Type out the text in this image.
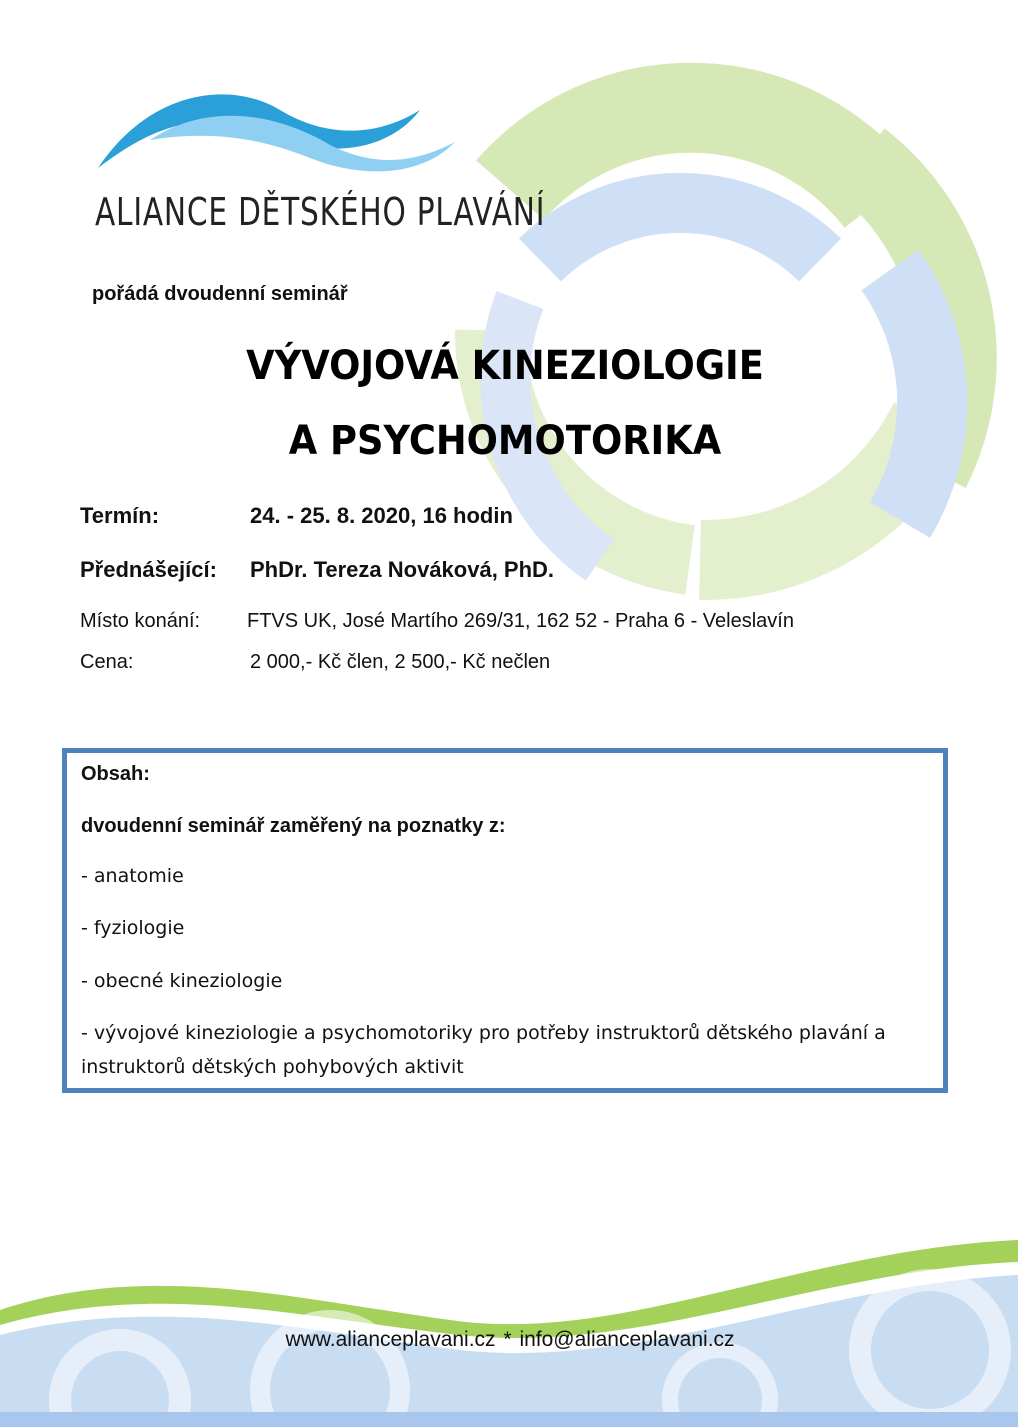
ALIANCE DĚTSKÉHO PLAVÁNÍ
pořádá dvoudenní seminář
VÝVOJOVÁ KINEZIOLOGIE
A PSYCHOMOTORIKA
Termín:	24. - 25. 8. 2020, 16 hodin
Přednášející: PhDr. Tereza Nováková, PhD.
Místo konání: FTVS UK, José Martího 269/31, 162 52 - Praha 6 - Veleslavín
Cena:	2 000,- Kč člen, 2 500,- Kč nečlen
Obsah:
dvoudenní seminář zaměřený na poznatky z:
- anatomie
- fyziologie
- obecné kineziologie
- vývojové kineziologie a psychomotoriky pro potřeby instruktorů dětského plavání a
instruktorů dětských pohybových aktivit
www.alianceplavani.cz * info@alianceplavani.cz
